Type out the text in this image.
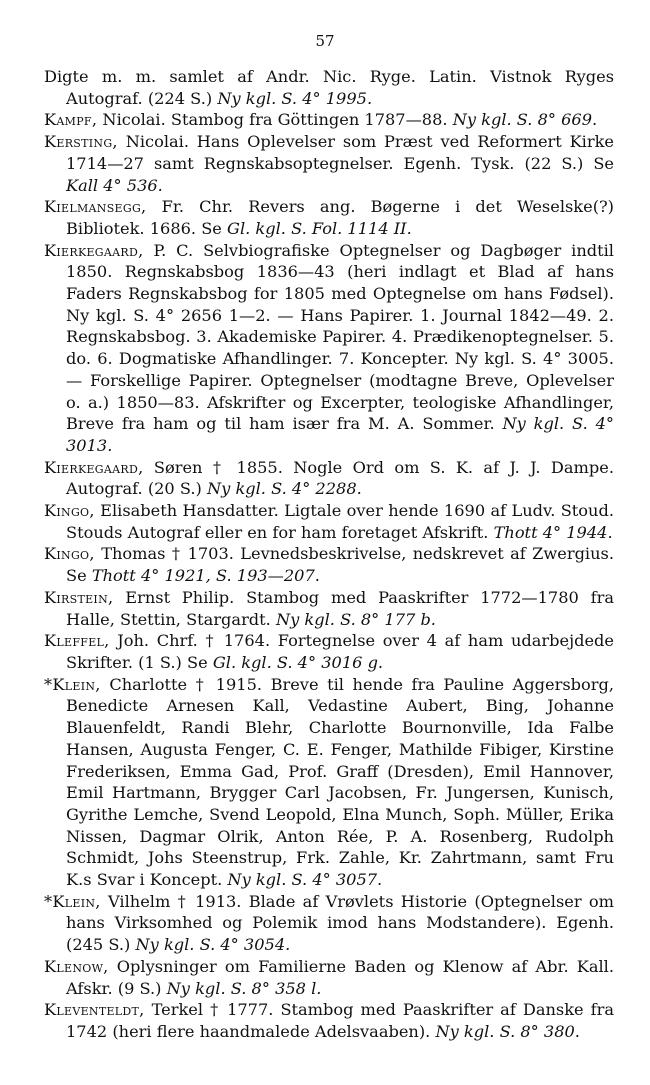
57
Digte m. m. samlet af Andr. Nic. Ryge. Latin. Vistnok Ryges Autograf. (224 S.) Ny kgl. S. 4° 1995.
Kampf, Nicolai. Stambog fra Göttingen 1787—88. Ny kgl. S. 8° 669.
Kersting, Nicolai. Hans Oplevelser som Præst ved Reformert Kirke 1714—27 samt Regnskabsoptegnelser. Egenh. Tysk. (22 S.) Se Kall 4° 536.
Kielmansegg, Fr. Chr. Revers ang. Bøgerne i det Weselske(?) Bibliotek. 1686. Se Gl. kgl. S. Fol. 1114 II.
Kierkegaard, P. C. Selvbiografiske Optegnelser og Dagbøger indtil 1850. Regnskabsbog 1836—43 (heri indlagt et Blad af hans Faders Regnskabsbog for 1805 med Optegnelse om hans Fødsel). Ny kgl. S. 4° 2656 1—2. — Hans Papirer. 1. Journal 1842—49. 2. Regnskabsbog. 3. Akademiske Papirer. 4. Prædikenoptegnelser. 5. do. 6. Dogmatiske Afhandlinger. 7. Koncepter. Ny kgl. S. 4° 3005. — Forskellige Papirer. Optegnelser (modtagne Breve, Oplevelser o. a.) 1850—83. Afskrifter og Excerpter, teologiske Afhandlinger, Breve fra ham og til ham især fra M. A. Sommer. Ny kgl. S. 4° 3013.
Kierkegaard, Søren † 1855. Nogle Ord om S. K. af J. J. Dampe. Autograf. (20 S.) Ny kgl. S. 4° 2288.
Kingo, Elisabeth Hansdatter. Ligtale over hende 1690 af Ludv. Stoud. Stouds Autograf eller en for ham foretaget Afskrift. Thott 4° 1944.
Kingo, Thomas † 1703. Levnedsbeskrivelse, nedskrevet af Zwergius. Se Thott 4° 1921, S. 193—207.
Kirstein, Ernst Philip. Stambog med Paaskrifter 1772—1780 fra Halle, Stettin, Stargardt. Ny kgl. S. 8° 177 b.
Kleffel, Joh. Chrf. † 1764. Fortegnelse over 4 af ham udarbejdede Skrifter. (1 S.) Se Gl. kgl. S. 4° 3016 g.
*Klein, Charlotte † 1915. Breve til hende fra Pauline Aggersborg, Benedicte Arnesen Kall, Vedastine Aubert, Bing, Johanne Blauenfeldt, Randi Blehr, Charlotte Bournonville, Ida Falbe Hansen, Augusta Fenger, C. E. Fenger, Mathilde Fibiger, Kirstine Frederiksen, Emma Gad, Prof. Graff (Dresden), Emil Hannover, Emil Hartmann, Brygger Carl Jacobsen, Fr. Jungersen, Kunisch, Gyrithe Lemche, Svend Leopold, Elna Munch, Soph. Müller, Erika Nissen, Dagmar Olrik, Anton Rée, P. A. Rosenberg, Rudolph Schmidt, Johs Steenstrup, Frk. Zahle, Kr. Zahrtmann, samt Fru K.s Svar i Koncept. Ny kgl. S. 4° 3057.
*Klein, Vilhelm † 1913. Blade af Vrøvlets Historie (Optegnelser om hans Virksomhed og Polemik imod hans Modstandere). Egenh. (245 S.) Ny kgl. S. 4° 3054.
Klenow, Oplysninger om Familierne Baden og Klenow af Abr. Kall. Afskr. (9 S.) Ny kgl. S. 8° 358 l.
Kleventeldt, Terkel † 1777. Stambog med Paaskrifter af Danske fra 1742 (heri flere haandmalede Adelsvaaben). Ny kgl. S. 8° 380.
